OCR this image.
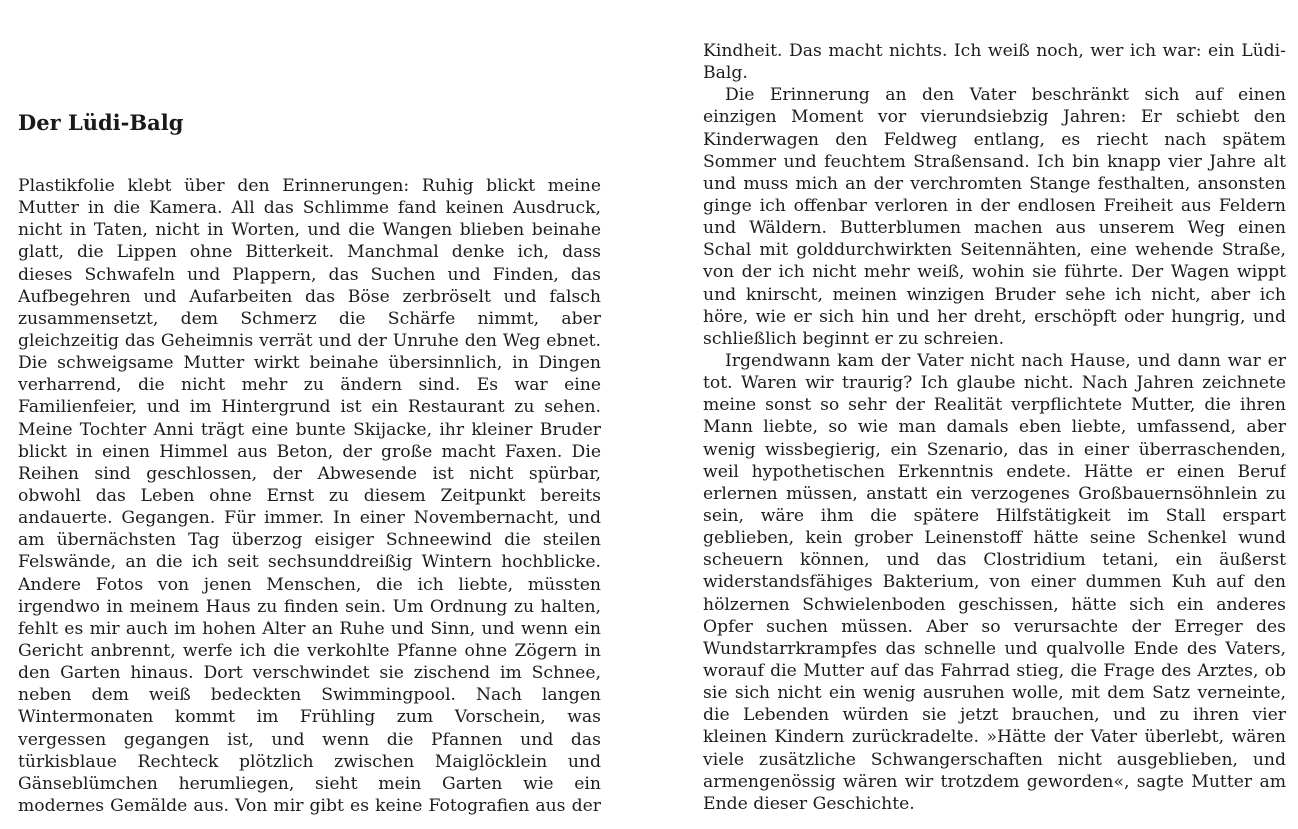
Der Lüdi-Balg
Plastikfolie klebt über den Erinnerungen: Ruhig blickt meine
Mutter in die Kamera. All das Schlimme fand keinen Ausdruck,
nicht in Taten, nicht in Worten, und die Wangen blieben beinahe
glatt, die Lippen ohne Bitterkeit. Manchmal denke ich, dass
dieses Schwafeln und Plappern, das Suchen und Finden, das
Aufbegehren und Aufarbeiten das Böse zerbröselt und falsch
zusammensetzt, dem Schmerz die Schärfe nimmt, aber
gleichzeitig das Geheimnis verrät und der Unruhe den Weg ebnet.
Die schweigsame Mutter wirkt beinahe übersinnlich, in Dingen
verharrend, die nicht mehr zu ändern sind. Es war eine
Familienfeier, und im Hintergrund ist ein Restaurant zu sehen.
Meine Tochter Anni trägt eine bunte Skijacke, ihr kleiner Bruder
blickt in einen Himmel aus Beton, der große macht Faxen. Die
Reihen sind geschlossen, der Abwesende ist nicht spürbar,
obwohl das Leben ohne Ernst zu diesem Zeitpunkt bereits
andauerte. Gegangen. Für immer. In einer Novembernacht, und
am übernächsten Tag überzog eisiger Schneewind die steilen
Felswände, an die ich seit sechsunddreißig Wintern hochblicke.
Andere Fotos von jenen Menschen, die ich liebte, müssten
irgendwo in meinem Haus zu finden sein. Um Ordnung zu halten,
fehlt es mir auch im hohen Alter an Ruhe und Sinn, und wenn ein
Gericht anbrennt, werfe ich die verkohlte Pfanne ohne Zögern in
den Garten hinaus. Dort verschwindet sie zischend im Schnee,
neben dem weiß bedeckten Swimmingpool. Nach langen
Wintermonaten kommt im Frühling zum Vorschein, was
vergessen gegangen ist, und wenn die Pfannen und das
türkisblaue Rechteck plötzlich zwischen Maiglöcklein und
Gänseblümchen herumliegen, sieht mein Garten wie ein
modernes Gemälde aus. Von mir gibt es keine Fotografien aus der
Kindheit. Das macht nichts. Ich weiß noch, wer ich war: ein Lüdi-
Balg.
Die Erinnerung an den Vater beschränkt sich auf einen
einzigen Moment vor vierundsiebzig Jahren: Er schiebt den
Kinderwagen den Feldweg entlang, es riecht nach spätem
Sommer und feuchtem Straßensand. Ich bin knapp vier Jahre alt
und muss mich an der verchromten Stange festhalten, ansonsten
ginge ich offenbar verloren in der endlosen Freiheit aus Feldern
und Wäldern. Butterblumen machen aus unserem Weg einen
Schal mit golddurchwirkten Seitennähten, eine wehende Straße,
von der ich nicht mehr weiß, wohin sie führte. Der Wagen wippt
und knirscht, meinen winzigen Bruder sehe ich nicht, aber ich
höre, wie er sich hin und her dreht, erschöpft oder hungrig, und
schließlich beginnt er zu schreien.
Irgendwann kam der Vater nicht nach Hause, und dann war er
tot. Waren wir traurig? Ich glaube nicht. Nach Jahren zeichnete
meine sonst so sehr der Realität verpflichtete Mutter, die ihren
Mann liebte, so wie man damals eben liebte, umfassend, aber
wenig wissbegierig, ein Szenario, das in einer überraschenden,
weil hypothetischen Erkenntnis endete. Hätte er einen Beruf
erlernen müssen, anstatt ein verzogenes Großbauernsöhnlein zu
sein, wäre ihm die spätere Hilfstätigkeit im Stall erspart
geblieben, kein grober Leinenstoff hätte seine Schenkel wund
scheuern können, und das Clostridium tetani, ein äußerst
widerstandsfähiges Bakterium, von einer dummen Kuh auf den
hölzernen Schwielenboden geschissen, hätte sich ein anderes
Opfer suchen müssen. Aber so verursachte der Erreger des
Wundstarrkrampfes das schnelle und qualvolle Ende des Vaters,
worauf die Mutter auf das Fahrrad stieg, die Frage des Arztes, ob
sie sich nicht ein wenig ausruhen wolle, mit dem Satz verneinte,
die Lebenden würden sie jetzt brauchen, und zu ihren vier
kleinen Kindern zurückradelte. »Hätte der Vater überlebt, wären
viele zusätzliche Schwangerschaften nicht ausgeblieben, und
armengenössig wären wir trotzdem geworden«, sagte Mutter am
Ende dieser Geschichte.
